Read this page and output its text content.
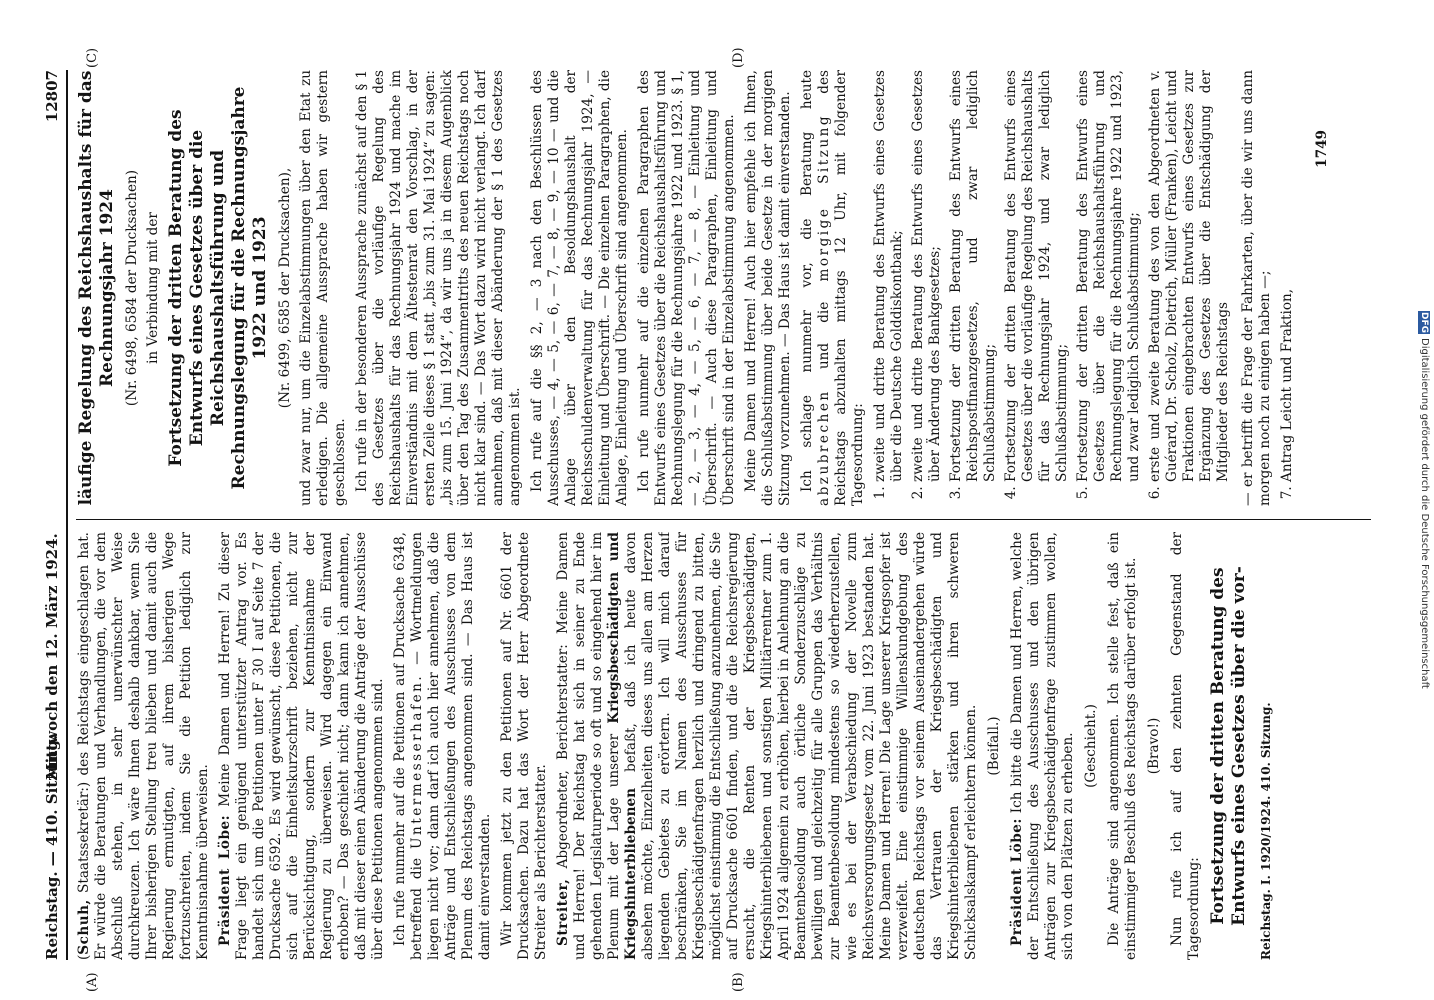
DFG
Digitalisierung gefördert durch die Deutsche Forschungsgemeinschaft
Reichstag. — 410. Sitzung.
Mittwoch den 12. März 1924.
12807
(A)	(B)
(C)	(D)

(Schuh, Staatssekretär:) des Reichstags eingeschlagen hat. Er würde die Beratungen und Verhandlungen, die vor dem Abschluß stehen, in sehr unerwünschter Weise durchkreuzen. Ich wäre Ihnen deshalb dankbar, wenn Sie Ihrer bisherigen Stellung treu blieben und damit auch die Regierung ermutigten, auf ihrem bisherigen Wege fortzuschreiten, indem Sie die Petition lediglich zur Kenntnisnahme überweisen. Präsident Löbe: Meine Damen und Herren! Zu dieser Frage liegt ein genügend unterstützter Antrag vor. Es handelt sich um die Petitionen unter F 30 I auf Seite 7 der Drucksache 6592. Es wird gewünscht, diese Petitionen, die sich auf die Einheitskurzschrift beziehen, nicht zur Berücksichtigung, sondern zur Kenntnisnahme der Regierung zu überweisen. Wird dagegen ein Einwand erhoben? — Das geschieht nicht; dann kann ich annehmen, daß mit dieser einen Abänderung die Anträge der Ausschüsse über diese Petitionen angenommen sind. Ich rufe nunmehr auf die Petitionen auf Drucksache 6348, betreffend die Untermesserhafen. — Wortmeldungen liegen nicht vor; dann darf ich auch hier annehmen, daß die Anträge und Entschließungen des Ausschusses von dem Plenum des Reichstags angenommen sind. — Das Haus ist damit einverstanden. Wir kommen jetzt zu den Petitionen auf Nr. 6601 der Drucksachen. Dazu hat das Wort der Herr Abgeordnete Streiter als Berichterstatter. Streiter, Abgeordneter, Berichterstatter: Meine Damen und Herren! Der Reichstag hat sich in seiner zu Ende gehenden Legislaturperiode so oft und so eingehend hier im Plenum mit der Lage unserer Kriegsbeschädigten und Kriegshinterbliebenen befaßt, daß ich heute davon absehen möchte, Einzelheiten dieses uns allen am Herzen liegenden Gebietes zu erörtern. Ich will mich darauf beschränken, Sie im Namen des Ausschusses für Kriegsbeschädigtenfragen herzlich und dringend zu bitten, möglichst einstimmig die Entschließung anzunehmen, die Sie auf Drucksache 6601 finden, und die die Reichsregierung ersucht, die Renten der Kriegsbeschädigten, Kriegshinterbliebenen und sonstigen Militärrentner zum 1. April 1924 allgemein zu erhöhen, hierbei in Anlehnung an die Beamtenbesoldung auch örtliche Sonderzuschläge zu bewilligen und gleichzeitig für alle Gruppen das Verhältnis zur Beamtenbesoldung mindestens so wiederherzustellen, wie es bei der Verabschiedung der Novelle zum Reichsversorgungsgesetz vom 22. Juni 1923 bestanden hat. Meine Damen und Herren! Die Lage unserer Kriegsopfer ist verzweifelt. Eine einstimmige Willenskundgebung des deutschen Reichstags vor seinem Auseinandergehen würde das Vertrauen der Kriegsbeschädigten und Kriegshinterbliebenen stärken und ihren schweren Schicksalskampf erleichtern können. (Beifall.)

Präsident Löbe: Ich bitte die Damen und Herren, welche der Entschließung des Ausschusses und den übrigen Anträgen zur Kriegsbeschädigtenfrage zustimmen wollen, sich von den Plätzen zu erheben. (Geschieht.) Die Anträge sind angenommen. Ich stelle fest, daß ein einstimmiger Beschluß des Reichstags darüber erfolgt ist. (Bravo!) Nun rufe ich auf den zehnten Gegenstand der Tagesordnung: Fortsetzung der dritten Beratung des Entwurfs eines Gesetzes über die vor- Reichstag. I. 1920/1924. 410. Sitzung.

läufige Regelung des Reichshaushalts für das Rechnungsjahr 1924 (Nr. 6498, 6584 der Drucksachen) in Verbindung mit der Fortsetzung der dritten Beratung des Entwurfs eines Gesetzes über die Reichshaushaltsführung und Rechnungslegung für die Rechnungsjahre 1922 und 1923 (Nr. 6499, 6585 der Drucksachen), und zwar nur, um die Einzelabstimmungen über den Etat zu erledigen. Die allgemeine Aussprache haben wir gestern geschlossen. Ich rufe in der besonderen Aussprache zunächst auf den § 1 des Gesetzes über die vorläufige Regelung des Reichshaushalts für das Rechnungsjahr 1924 und mache im Einverständnis mit dem Ältestenrat den Vorschlag, in der ersten Zeile dieses § 1 statt „bis zum 31. Mai 1924“ zu sagen: „bis zum 15. Juni 1924“, da wir uns ja in diesem Augenblick über den Tag des Zusammentritts des neuen Reichstags noch nicht klar sind. — Das Wort dazu wird nicht verlangt. Ich darf annehmen, daß mit dieser Abänderung der § 1 des Gesetzes angenommen ist. Ich rufe auf die §§ 2, — 3 nach den Beschlüssen des Ausschusses, — 4, — 5, — 6, — 7, — 8, — 9, — 10 — und die Anlage über den Besoldungshaushalt der Reichsschuldenverwaltung für das Rechnungsjahr 1924, — Einleitung und Überschrift. — Die einzelnen Paragraphen, die Anlage, Einleitung und Überschrift sind angenommen. Ich rufe nunmehr auf die einzelnen Paragraphen des Entwurfs eines Gesetzes über die Reichshaushaltsführung und Rechnungslegung für die Rechnungsjahre 1922 und 1923. § 1, — 2, — 3, — 4, — 5, — 6, — 7, — 8, — Einleitung und Überschrift. — Auch diese Paragraphen, Einleitung und Überschrift sind in der Einzelabstimmung angenommen. Meine Damen und Herren! Auch hier empfehle ich Ihnen, die Schlußabstimmung über beide Gesetze in der morgigen Sitzung vorzunehmen. — Das Haus ist damit einverstanden. Ich schlage nunmehr vor, die Beratung heute abzubrechen und die morgige Sitzung des Reichstags abzuhalten mittags 12 Uhr, mit folgender Tagesordnung: 1. zweite und dritte Beratung des Entwurfs eines Gesetzes über die Deutsche Golddiskontbank; 2. zweite und dritte Beratung des Entwurfs eines Gesetzes über Änderung des Bankgesetzes; 3. Fortsetzung der dritten Beratung des Entwurfs eines Reichspostfinanzgesetzes, und zwar lediglich Schlußabstimmung; 4. Fortsetzung der dritten Beratung des Entwurfs eines Gesetzes über die vorläufige Regelung des Reichshaushalts für das Rechnungsjahr 1924, und zwar lediglich Schlußabstimmung; 5. Fortsetzung der dritten Beratung des Entwurfs eines Gesetzes über die Reichshaushaltsführung und Rechnungslegung für die Rechnungsjahre 1922 und 1923, und zwar lediglich Schlußabstimmung; 6. erste und zweite Beratung des von den Abgeordneten v. Guérard, Dr. Scholz, Dietrich, Müller (Franken), Leicht und Fraktionen eingebrachten Entwurfs eines Gesetzes zur Ergänzung des Gesetzes über die Entschädigung der Mitglieder des Reichstags — er betrifft die Frage der Fahrkarten, über die wir uns dann morgen noch zu einigen haben —; 7. Antrag Leicht und Fraktion,

1749
